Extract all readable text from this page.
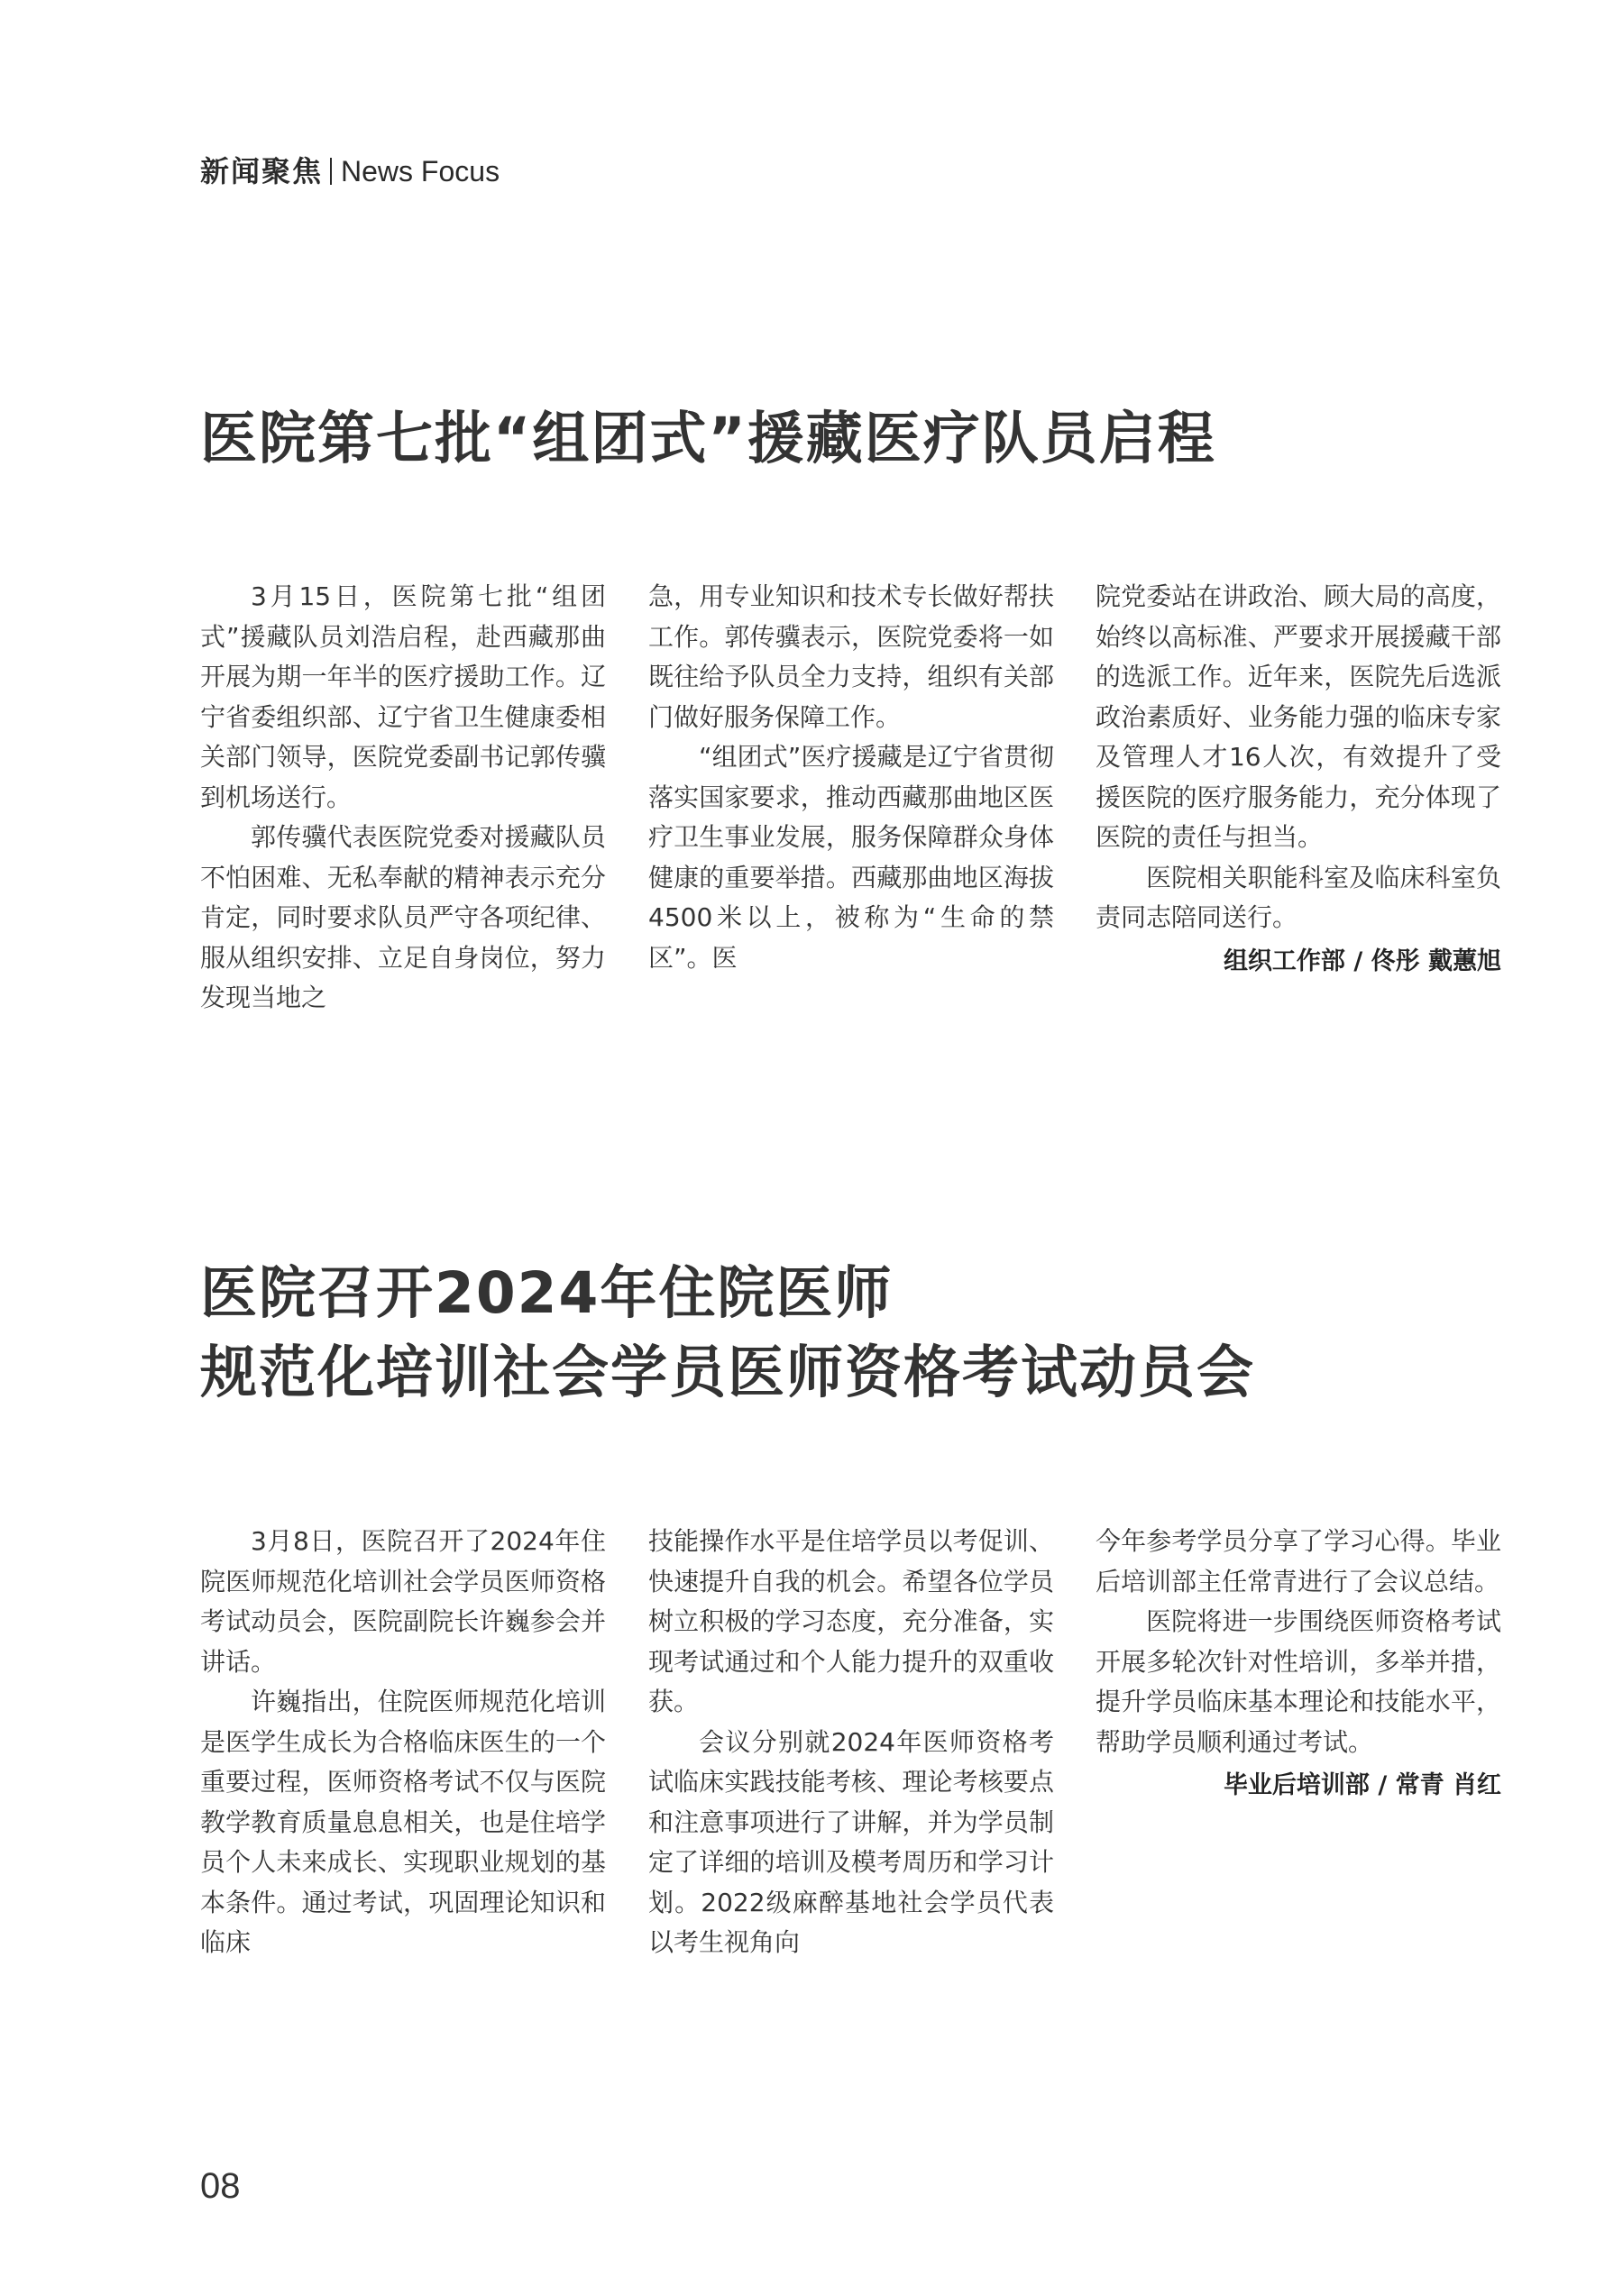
新闻聚焦 News Focus
医院第七批“组团式”援藏医疗队员启程

3月15日，医院第七批“组团式”援藏队员刘浩启程，赴西藏那曲开展为期一年半的医疗援助工作。辽宁省委组织部、辽宁省卫生健康委相关部门领导，医院党委副书记郭传骥到机场送行。

郭传骥代表医院党委对援藏队员不怕困难、无私奉献的精神表示充分肯定，同时要求队员严守各项纪律、服从组织安排、立足自身岗位，努力发现当地之

急，用专业知识和技术专长做好帮扶工作。郭传骥表示，医院党委将一如既往给予队员全力支持，组织有关部门做好服务保障工作。

“组团式”医疗援藏是辽宁省贯彻落实国家要求，推动西藏那曲地区医疗卫生事业发展，服务保障群众身体健康的重要举措。西藏那曲地区海拔4500米以上，被称为“生命的禁区”。医

院党委站在讲政治、顾大局的高度，始终以高标准、严要求开展援藏干部的选派工作。近年来，医院先后选派政治素质好、业务能力强的临床专家及管理人才16人次，有效提升了受援医院的医疗服务能力，充分体现了医院的责任与担当。

医院相关职能科室及临床科室负责同志陪同送行。

组织工作部 / 佟彤 戴蕙旭
医院召开2024年住院医师
规范化培训社会学员医师资格考试动员会

3月8日，医院召开了2024年住院医师规范化培训社会学员医师资格考试动员会，医院副院长许巍参会并讲话。

许巍指出，住院医师规范化培训是医学生成长为合格临床医生的一个重要过程，医师资格考试不仅与医院教学教育质量息息相关，也是住培学员个人未来成长、实现职业规划的基本条件。通过考试，巩固理论知识和临床

技能操作水平是住培学员以考促训、快速提升自我的机会。希望各位学员树立积极的学习态度，充分准备，实现考试通过和个人能力提升的双重收获。

会议分别就2024年医师资格考试临床实践技能考核、理论考核要点和注意事项进行了讲解，并为学员制定了详细的培训及模考周历和学习计划。2022级麻醉基地社会学员代表以考生视角向

今年参考学员分享了学习心得。毕业后培训部主任常青进行了会议总结。

医院将进一步围绕医师资格考试开展多轮次针对性培训，多举并措，提升学员临床基本理论和技能水平，帮助学员顺利通过考试。

毕业后培训部 / 常青 肖红
08
